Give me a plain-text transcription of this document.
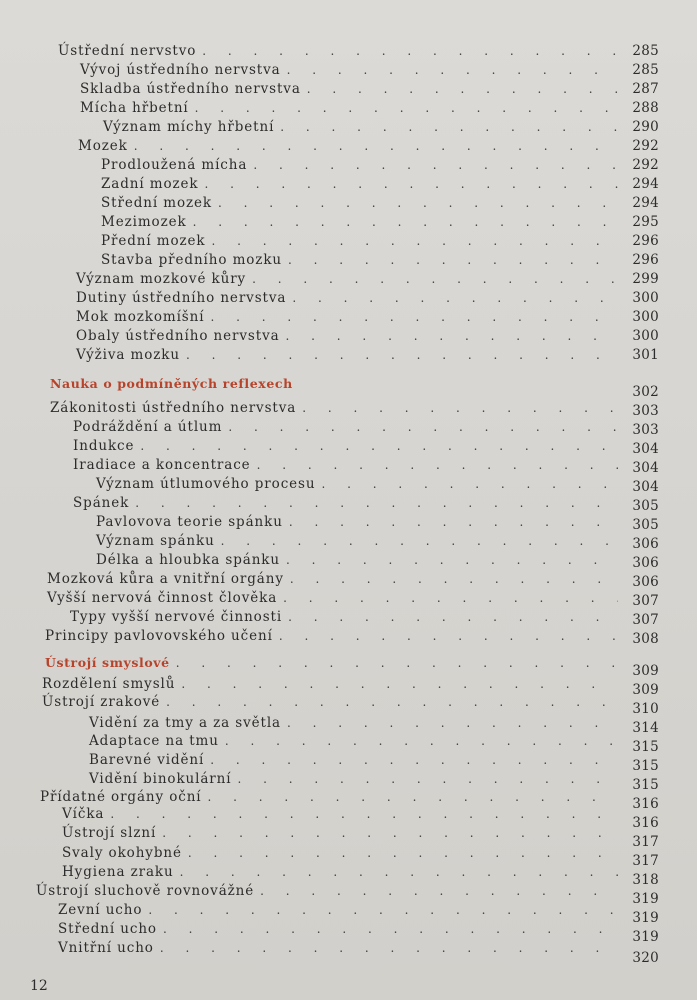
Ústřední nervstvo
. . .
Vývoj ústředního nervstva
. . .
Skladba ústředního nervstva
. . .
Mícha hřbetní
. . .
Význam míchy hřbetní
. . .
Mozek
. . .
Prodloužená mícha
. . .
Zadní mozek
. . .
Střední mozek
. . .
Mezimozek
. . .
Přední mozek
. . .
Stavba předního mozku
. . .
Význam mozkové kůry
. . .
Dutiny ústředního nervstva
. . .
Mok mozkomíšní
. . .
Obaly ústředního nervstva
. . .
Výživa mozku
. . .
Nauka o podmíněných reflexech
Zákonitosti ústředního nervstva
. . .
Podráždění a útlum
. . .
Indukce
. . .
Iradiace a koncentrace
. . .
Význam útlumového procesu
. . .
Spánek
. . .
Pavlovova teorie spánku
. . .
Význam spánku
. . .
Délka a hloubka spánku
. . .
Mozková kůra a vnitřní orgány
. . .
Vyšší nervová činnost člověka
. . .
Typy vyšší nervové činnosti
. . .
Principy pavlovovského učení
. . .
Ústrojí smyslové
. . .
Rozdělení smyslů
. . .
Ústrojí zrakové
. . .
Vidění za tmy a za světla
. . .
Adaptace na tmu
. . .
Barevné vidění
. . .
Vidění binokulární
. . .
Přídatné orgány oční
. . .
Víčka
. . .
Ústrojí slzní
. . .
Svaly okohybné
. . .
Hygiena zraku
. . .
Ústrojí sluchově rovnovážné
. . .
Zevní ucho
. . .
Střední ucho
. . .
Vnitřní ucho
. . .
285
285
287
288
290
292
292
294
294
295
296
296
299
300
300
300
301
302
303
303
304
304
304
305
305
306
306
306
307
307
308
309
309
310
314
315
315
315
316
316
317
317
318
319
319
319
320
12
